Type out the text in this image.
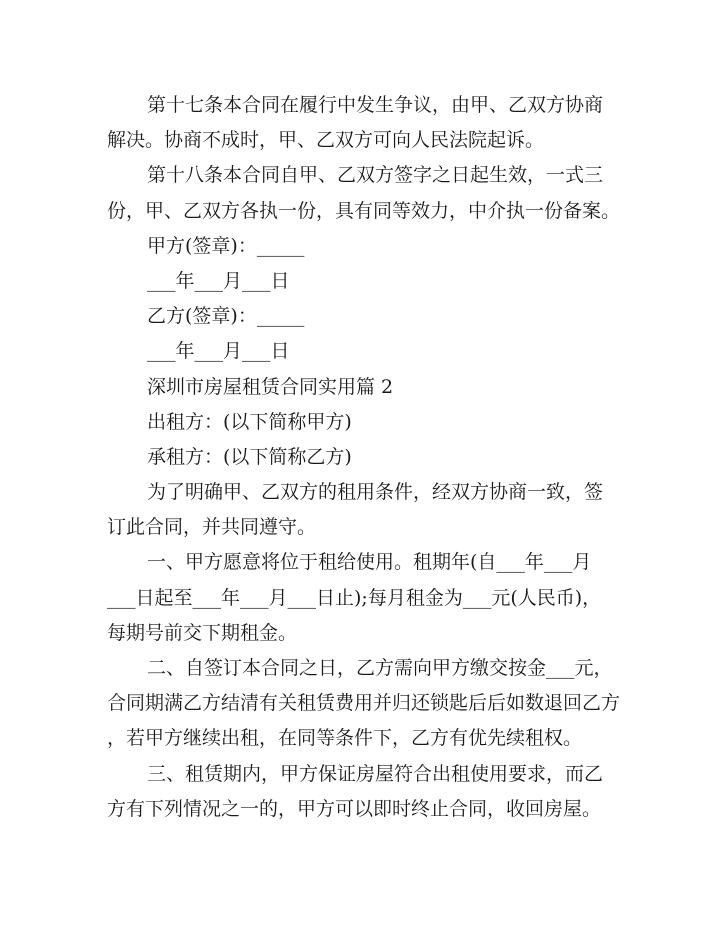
第十七条本合同在履行中发生争议，由甲、乙双方协商
解决。协商不成时，甲、乙双方可向人民法院起诉。
第十八条本合同自甲、乙双方签字之日起生效，一式三
份，甲、乙双方各执一份，具有同等效力，中介执一份备案。
甲方(签章)：_____
___年___月___日
乙方(签章)：_____
___年___月___日
深圳市房屋租赁合同实用篇 2
出租方：(以下简称甲方)
承租方：(以下简称乙方)
为了明确甲、乙双方的租用条件，经双方协商一致，签
订此合同，并共同遵守。
一、甲方愿意将位于租给使用。租期年(自___年___月
___日起至___年___月___日止);每月租金为___元(人民币)，
每期号前交下期租金。
二、自签订本合同之日，乙方需向甲方缴交按金___元，
合同期满乙方结清有关租赁费用并归还锁匙后后如数退回乙方
，若甲方继续出租，在同等条件下，乙方有优先续租权。
三、租赁期内，甲方保证房屋符合出租使用要求，而乙
方有下列情况之一的，甲方可以即时终止合同，收回房屋。
